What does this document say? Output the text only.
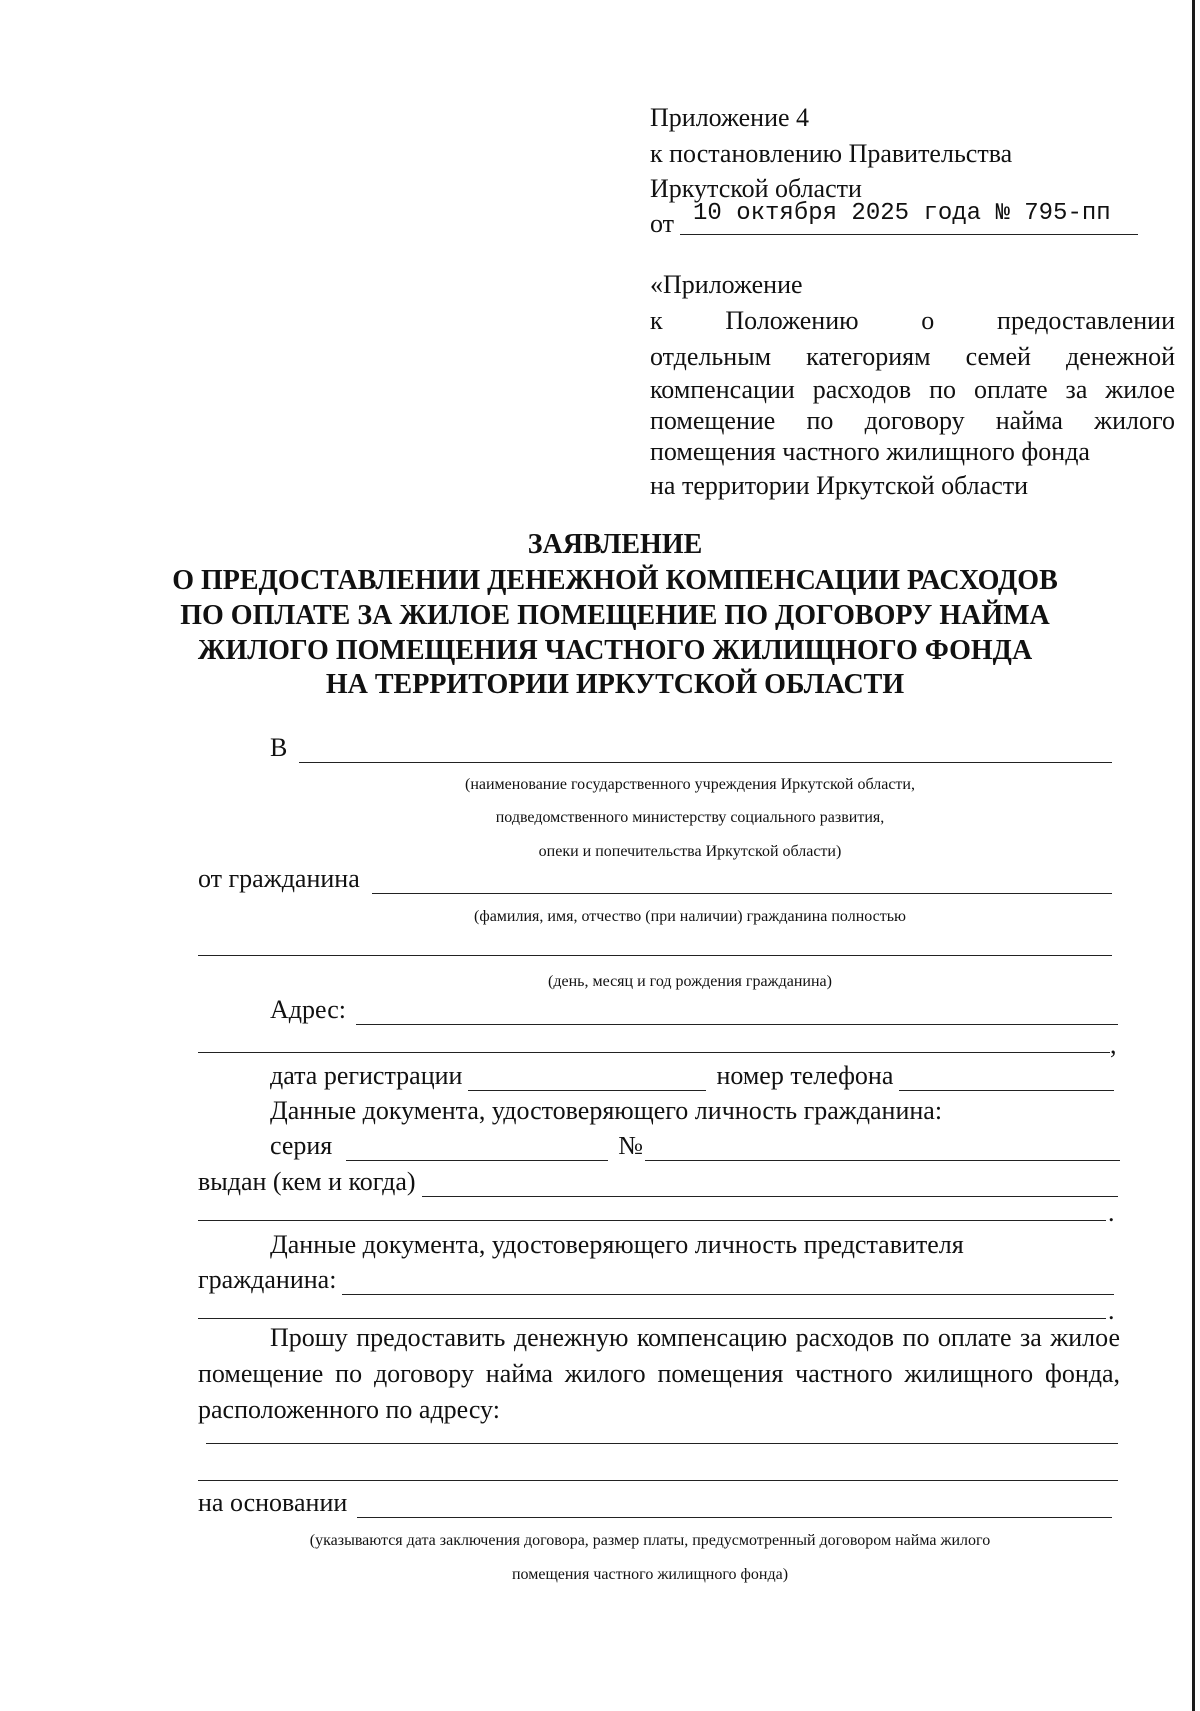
Приложение 4
к постановлению Правительства
Иркутской области
от 10 октября 2025 года № 795-пп
«Приложение
к Положению о предоставлении
отдельным категориям семей денежной
компенсации расходов по оплате за жилое
помещение по договору найма жилого
помещения частного жилищного фонда
на территории Иркутской области
ЗАЯВЛЕНИЕ
О ПРЕДОСТАВЛЕНИИ ДЕНЕЖНОЙ КОМПЕНСАЦИИ РАСХОДОВ
ПО ОПЛАТЕ ЗА ЖИЛОЕ ПОМЕЩЕНИЕ ПО ДОГОВОРУ НАЙМА
ЖИЛОГО ПОМЕЩЕНИЯ ЧАСТНОГО ЖИЛИЩНОГО ФОНДА
НА ТЕРРИТОРИИ ИРКУТСКОЙ ОБЛАСТИ
В
(наименование государственного учреждения Иркутской области,
подведомственного министерству социального развития,
опеки и попечительства Иркутской области)
от гражданина
(фамилия, имя, отчество (при наличии) гражданина полностью
(день, месяц и год рождения гражданина)
Адрес:
,
дата регистрации	номер телефона
Данные документа, удостоверяющего личность гражданина:
серия	№
выдан (кем и когда)
.
Данные документа, удостоверяющего личность представителя
гражданина:
.
Прошу предоставить денежную компенсацию расходов по оплате за жилое помещение по договору найма жилого помещения частного жилищного фонда, расположенного по адресу:
на основании
(указываются дата заключения договора, размер платы, предусмотренный договором найма жилого
помещения частного жилищного фонда)
